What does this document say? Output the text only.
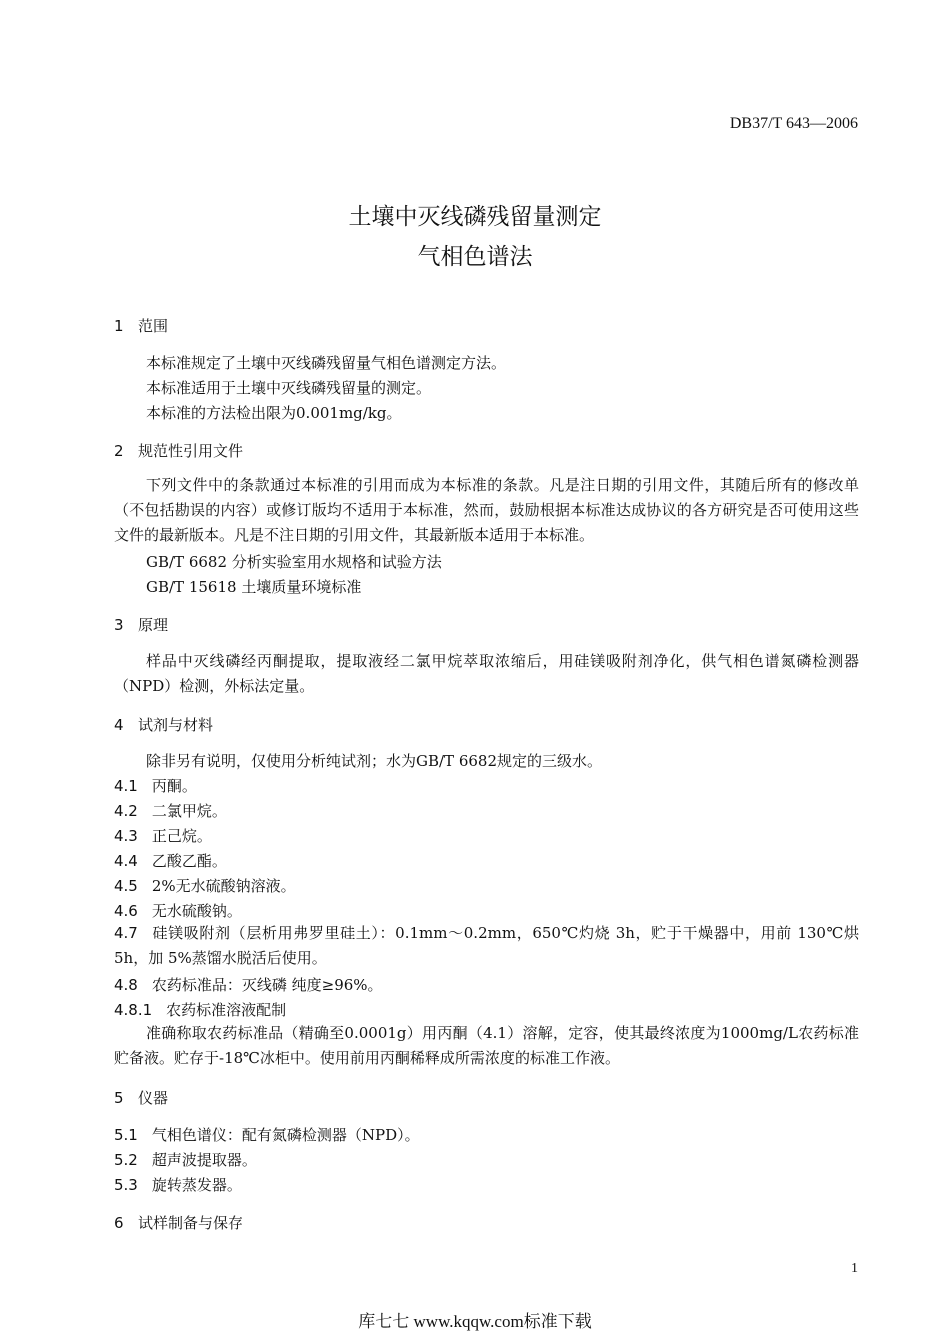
DB37/T 643—2006
土壤中灭线磷残留量测定
气相色谱法
1 范围
本标准规定了土壤中灭线磷残留量气相色谱测定方法。
本标准适用于土壤中灭线磷残留量的测定。
本标准的方法检出限为0.001mg/kg。
2 规范性引用文件
下列文件中的条款通过本标准的引用而成为本标准的条款。凡是注日期的引用文件，其随后所有的修改单（不包括勘误的内容）或修订版均不适用于本标准，然而，鼓励根据本标准达成协议的各方研究是否可使用这些文件的最新版本。凡是不注日期的引用文件，其最新版本适用于本标准。
GB/T 6682 分析实验室用水规格和试验方法
GB/T 15618 土壤质量环境标准
3 原理
样品中灭线磷经丙酮提取，提取液经二氯甲烷萃取浓缩后，用硅镁吸附剂净化，供气相色谱氮磷检测器（NPD）检测，外标法定量。
4 试剂与材料
除非另有说明，仅使用分析纯试剂；水为GB/T 6682规定的三级水。
4.1 丙酮。
4.2 二氯甲烷。
4.3 正己烷。
4.4 乙酸乙酯。
4.5 2%无水硫酸钠溶液。
4.6 无水硫酸钠。
4.7 硅镁吸附剂（层析用弗罗里硅土）：0.1mm～0.2mm，650℃灼烧 3h，贮于干燥器中，用前 130℃烘5h，加 5%蒸馏水脱活后使用。
4.8 农药标准品：灭线磷 纯度≥96%。
4.8.1 农药标准溶液配制
准确称取农药标准品（精确至0.0001g）用丙酮（4.1）溶解，定容，使其最终浓度为1000mg/L农药标准贮备液。贮存于-18℃冰柜中。使用前用丙酮稀释成所需浓度的标准工作液。
5 仪器
5.1 气相色谱仪：配有氮磷检测器（NPD）。
5.2 超声波提取器。
5.3 旋转蒸发器。
6 试样制备与保存
1
库七七 www.kqqw.com标准下载
